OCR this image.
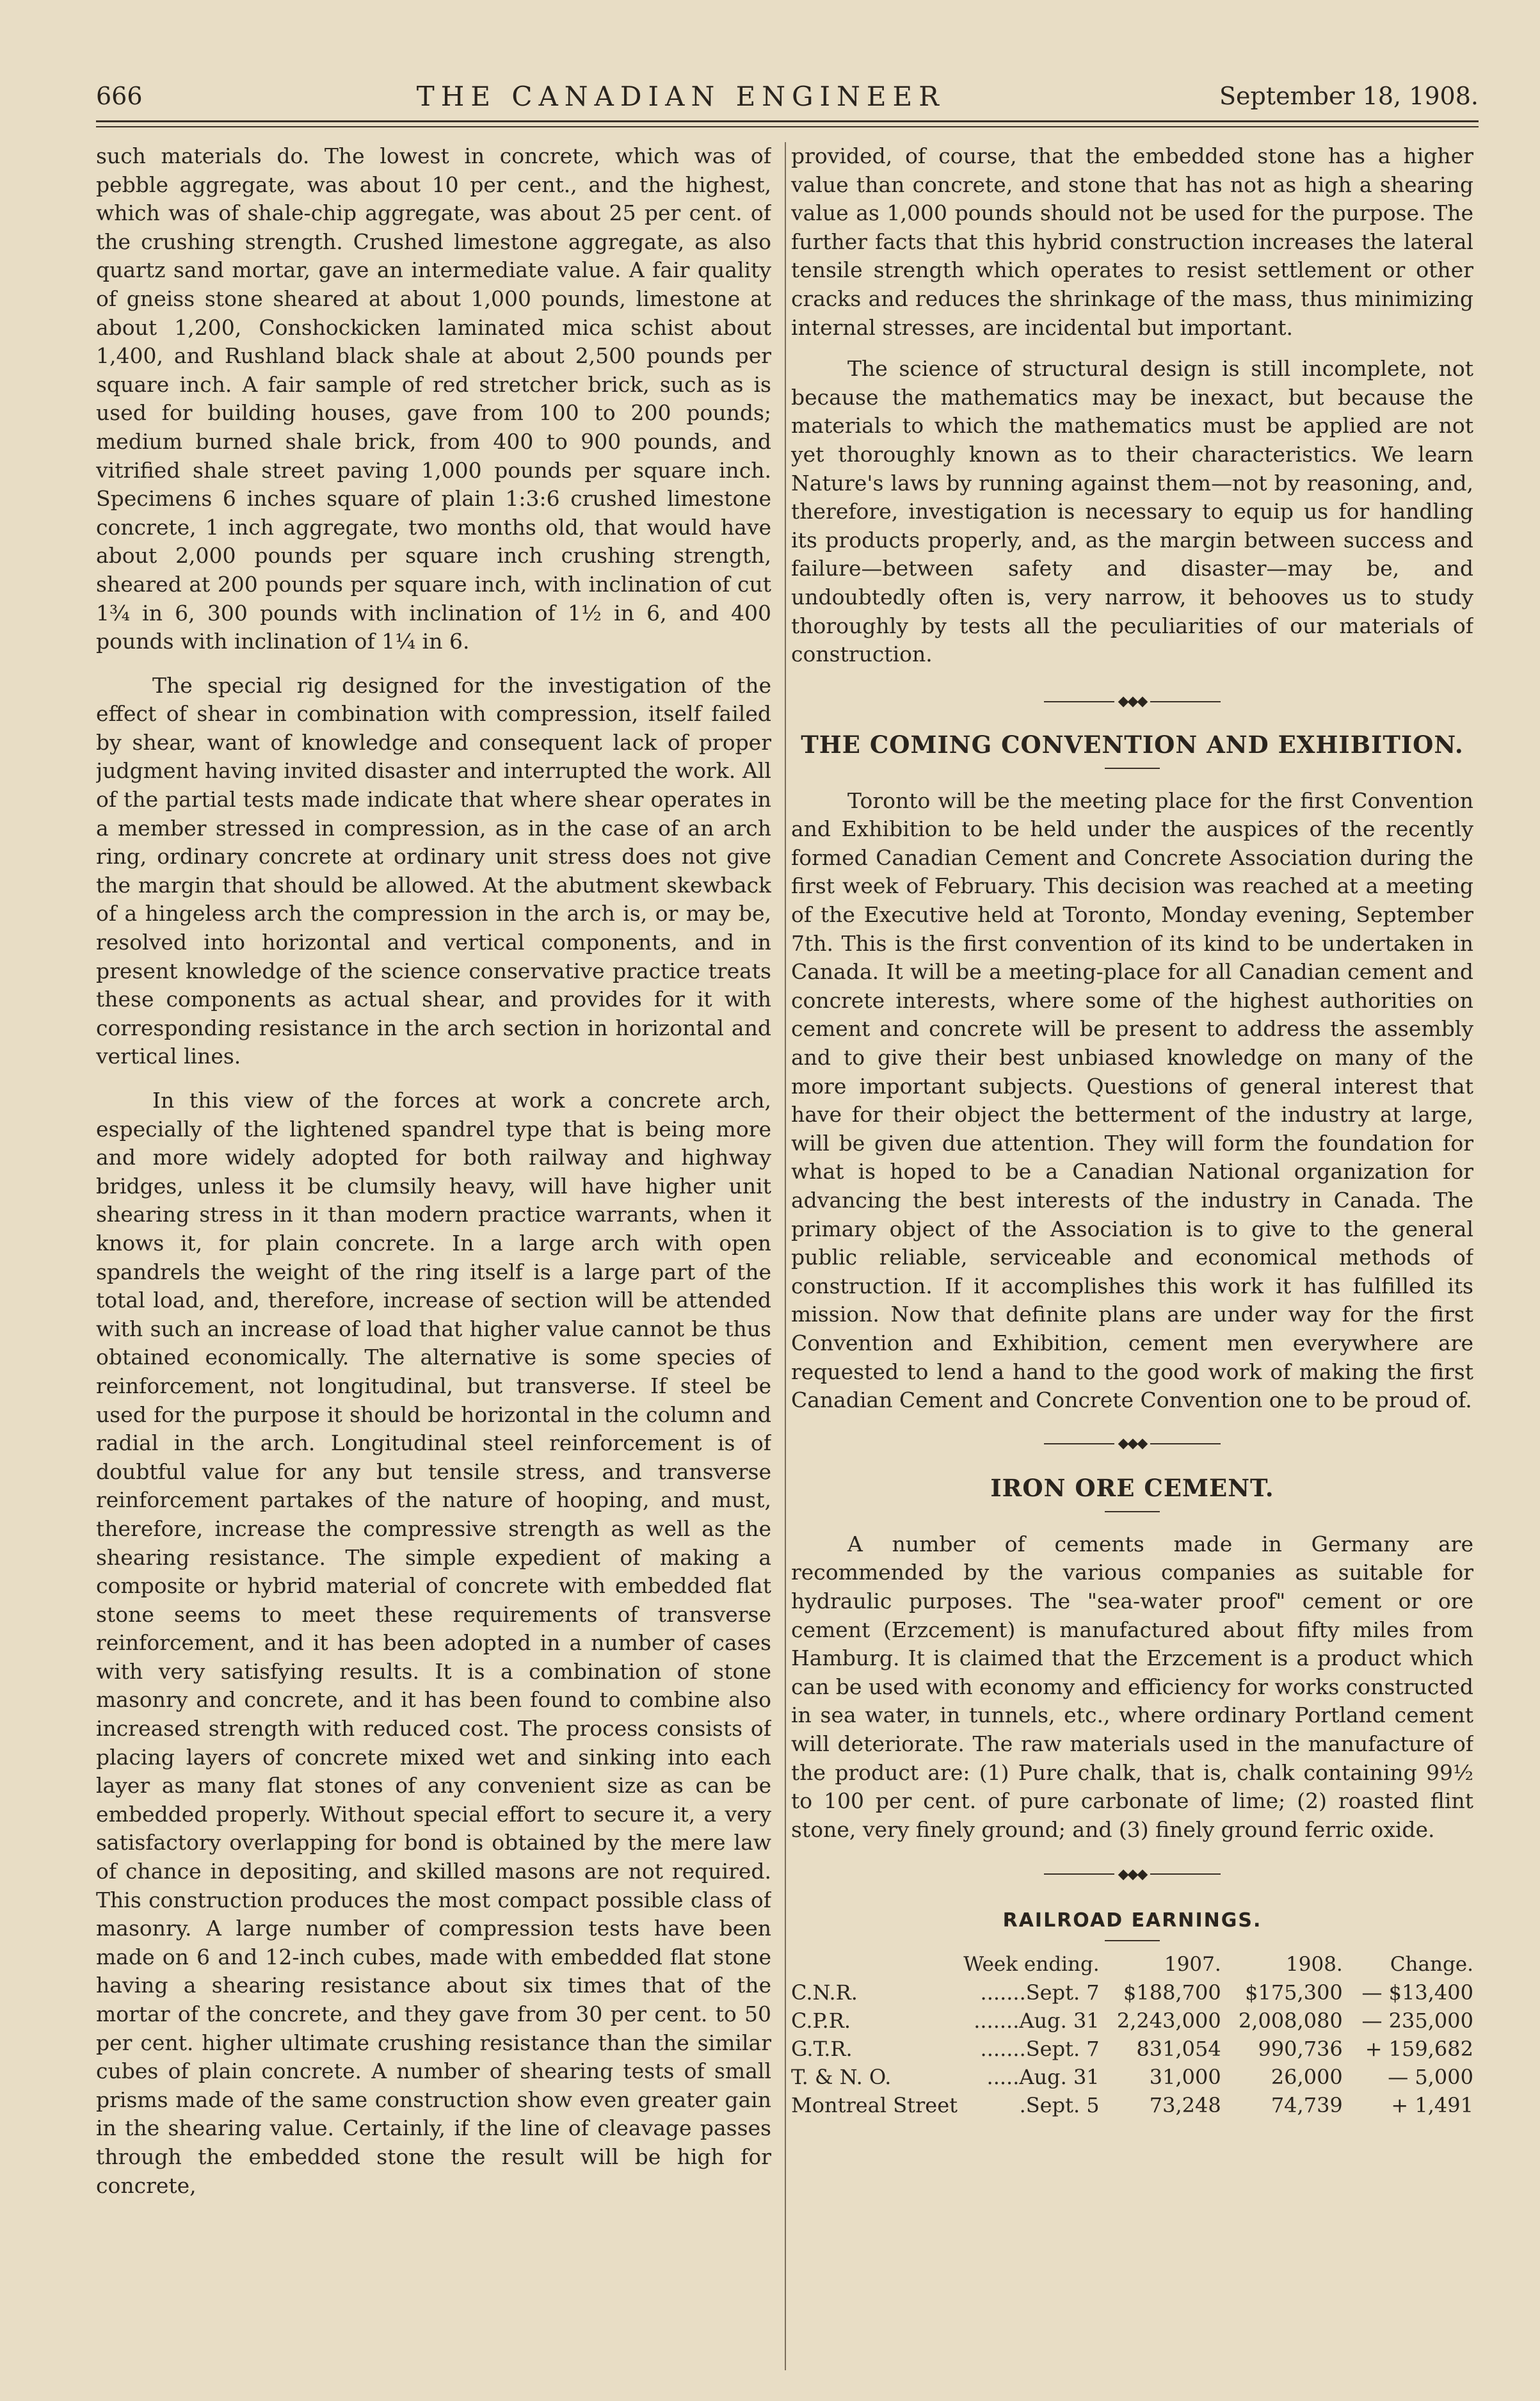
666	THE CANADIAN ENGINEER	September 18, 1908.

such materials do. The lowest in concrete, which was of pebble aggregate, was about 10 per cent., and the highest, which was of shale-chip aggregate, was about 25 per cent. of the crushing strength. Crushed limestone aggregate, as also quartz sand mortar, gave an intermediate value. A fair quality of gneiss stone sheared at about 1,000 pounds, limestone at about 1,200, Conshockicken laminated mica schist about 1,400, and Rushland black shale at about 2,500 pounds per square inch. A fair sample of red stretcher brick, such as is used for building houses, gave from 100 to 200 pounds; medium burned shale brick, from 400 to 900 pounds, and vitrified shale street paving 1,000 pounds per square inch. Specimens 6 inches square of plain 1:3:6 crushed limestone concrete, 1 inch aggregate, two months old, that would have about 2,000 pounds per square inch crushing strength, sheared at 200 pounds per square inch, with inclination of cut 1¾ in 6, 300 pounds with inclination of 1½ in 6, and 400 pounds with inclination of 1¼ in 6.

The special rig designed for the investigation of the effect of shear in combination with compression, itself failed by shear, want of knowledge and consequent lack of proper judgment having invited disaster and interrupted the work. All of the partial tests made indicate that where shear operates in a member stressed in compression, as in the case of an arch ring, ordinary concrete at ordinary unit stress does not give the margin that should be allowed. At the abutment skewback of a hingeless arch the compression in the arch is, or may be, resolved into horizontal and vertical components, and in present knowledge of the science conservative practice treats these components as actual shear, and provides for it with corresponding resistance in the arch section in horizontal and vertical lines.

In this view of the forces at work a concrete arch, especially of the lightened spandrel type that is being more and more widely adopted for both railway and highway bridges, unless it be clumsily heavy, will have higher unit shearing stress in it than modern practice warrants, when it knows it, for plain concrete. In a large arch with open spandrels the weight of the ring itself is a large part of the total load, and, therefore, increase of section will be attended with such an increase of load that higher value cannot be thus obtained economically. The alternative is some species of reinforcement, not longitudinal, but transverse. If steel be used for the purpose it should be horizontal in the column and radial in the arch. Longitudinal steel reinforcement is of doubtful value for any but tensile stress, and transverse reinforcement partakes of the nature of hooping, and must, therefore, increase the compressive strength as well as the shearing resistance. The simple expedient of making a composite or hybrid material of concrete with embedded flat stone seems to meet these requirements of transverse reinforcement, and it has been adopted in a number of cases with very satisfying results. It is a combination of stone masonry and concrete, and it has been found to combine also increased strength with reduced cost. The process consists of placing layers of concrete mixed wet and sinking into each layer as many flat stones of any convenient size as can be embedded properly. Without special effort to secure it, a very satisfactory overlapping for bond is obtained by the mere law of chance in depositing, and skilled masons are not required. This construction produces the most compact possible class of masonry. A large number of compression tests have been made on 6 and 12-inch cubes, made with embedded flat stone having a shearing resistance about six times that of the mortar of the concrete, and they gave from 30 per cent. to 50 per cent. higher ultimate crushing resistance than the similar cubes of plain concrete. A number of shearing tests of small prisms made of the same construction show even greater gain in the shearing value. Certainly, if the line of cleavage passes through the embedded stone the result will be high for concrete,

provided, of course, that the embedded stone has a higher value than concrete, and stone that has not as high a shearing value as 1,000 pounds should not be used for the purpose. The further facts that this hybrid construction increases the lateral tensile strength which operates to resist settlement or other cracks and reduces the shrinkage of the mass, thus minimizing internal stresses, are incidental but important.

The science of structural design is still incomplete, not because the mathematics may be inexact, but because the materials to which the mathematics must be applied are not yet thoroughly known as to their characteristics. We learn Nature's laws by running against them—not by reasoning, and, therefore, investigation is necessary to equip us for handling its products properly, and, as the margin between success and failure—between safety and disaster—may be, and undoubtedly often is, very narrow, it behooves us to study thoroughly by tests all the peculiarities of our materials of construction.

◆◆◆
THE COMING CONVENTION AND EXHIBITION.

Toronto will be the meeting place for the first Convention and Exhibition to be held under the auspices of the recently formed Canadian Cement and Concrete Association during the first week of February. This decision was reached at a meeting of the Executive held at Toronto, Monday evening, September 7th. This is the first convention of its kind to be undertaken in Canada. It will be a meeting-place for all Canadian cement and concrete interests, where some of the highest authorities on cement and concrete will be present to address the assembly and to give their best unbiased knowledge on many of the more important subjects. Questions of general interest that have for their object the betterment of the industry at large, will be given due attention. They will form the foundation for what is hoped to be a Canadian National organization for advancing the best interests of the industry in Canada. The primary object of the Association is to give to the general public reliable, serviceable and economical methods of construction. If it accomplishes this work it has fulfilled its mission. Now that definite plans are under way for the first Convention and Exhibition, cement men everywhere are requested to lend a hand to the good work of making the first Canadian Cement and Concrete Convention one to be proud of.

◆◆◆
IRON ORE CEMENT.

A number of cements made in Germany are recommended by the various companies as suitable for hydraulic purposes. The "sea-water proof" cement or ore cement (Erzcement) is manufactured about fifty miles from Hamburg. It is claimed that the Erzcement is a product which can be used with economy and efficiency for works constructed in sea water, in tunnels, etc., where ordinary Portland cement will deteriorate. The raw materials used in the manufacture of the product are: (1) Pure chalk, that is, chalk containing 99½ to 100 per cent. of pure carbonate of lime; (2) roasted flint stone, very finely ground; and (3) finely ground ferric oxide.

◆◆◆
RAILROAD EARNINGS.
	Week ending.	1907.	1908.	Change.
C.N.R.	.......Sept. 7	$188,700	$175,300	— $13,400
C.P.R.	.......Aug. 31	2,243,000	2,008,080	— 235,000
G.T.R.	.......Sept. 7	831,054	990,736	+ 159,682
T. & N. O.	.....Aug. 31	31,000	26,000	— 5,000
Montreal Street	.Sept. 5	73,248	74,739	+ 1,491
